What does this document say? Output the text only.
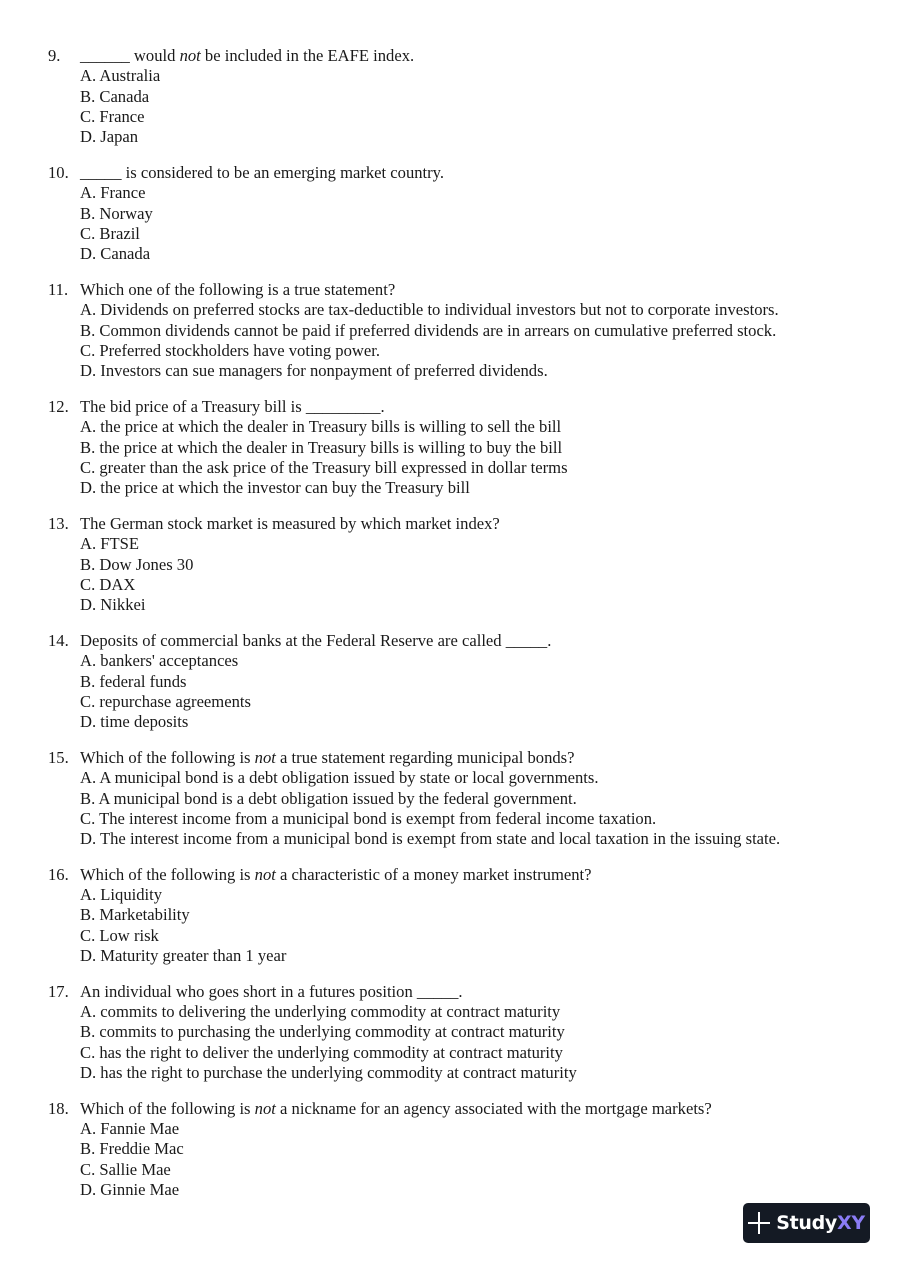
9. ______ would not be included in the EAFE index.
A. Australia
B. Canada
C. France
D. Japan
10. _____ is considered to be an emerging market country.
A. France
B. Norway
C. Brazil
D. Canada
11. Which one of the following is a true statement?
A. Dividends on preferred stocks are tax-deductible to individual investors but not to corporate investors.
B. Common dividends cannot be paid if preferred dividends are in arrears on cumulative preferred stock.
C. Preferred stockholders have voting power.
D. Investors can sue managers for nonpayment of preferred dividends.
12. The bid price of a Treasury bill is _________.
A. the price at which the dealer in Treasury bills is willing to sell the bill
B. the price at which the dealer in Treasury bills is willing to buy the bill
C. greater than the ask price of the Treasury bill expressed in dollar terms
D. the price at which the investor can buy the Treasury bill
13. The German stock market is measured by which market index?
A. FTSE
B. Dow Jones 30
C. DAX
D. Nikkei
14. Deposits of commercial banks at the Federal Reserve are called _____.
A. bankers' acceptances
B. federal funds
C. repurchase agreements
D. time deposits
15. Which of the following is not a true statement regarding municipal bonds?
A. A municipal bond is a debt obligation issued by state or local governments.
B. A municipal bond is a debt obligation issued by the federal government.
C. The interest income from a municipal bond is exempt from federal income taxation.
D. The interest income from a municipal bond is exempt from state and local taxation in the issuing state.
16. Which of the following is not a characteristic of a money market instrument?
A. Liquidity
B. Marketability
C. Low risk
D. Maturity greater than 1 year
17. An individual who goes short in a futures position _____.
A. commits to delivering the underlying commodity at contract maturity
B. commits to purchasing the underlying commodity at contract maturity
C. has the right to deliver the underlying commodity at contract maturity
D. has the right to purchase the underlying commodity at contract maturity
18. Which of the following is not a nickname for an agency associated with the mortgage markets?
A. Fannie Mae
B. Freddie Mac
C. Sallie Mae
D. Ginnie Mae
StudyXY
